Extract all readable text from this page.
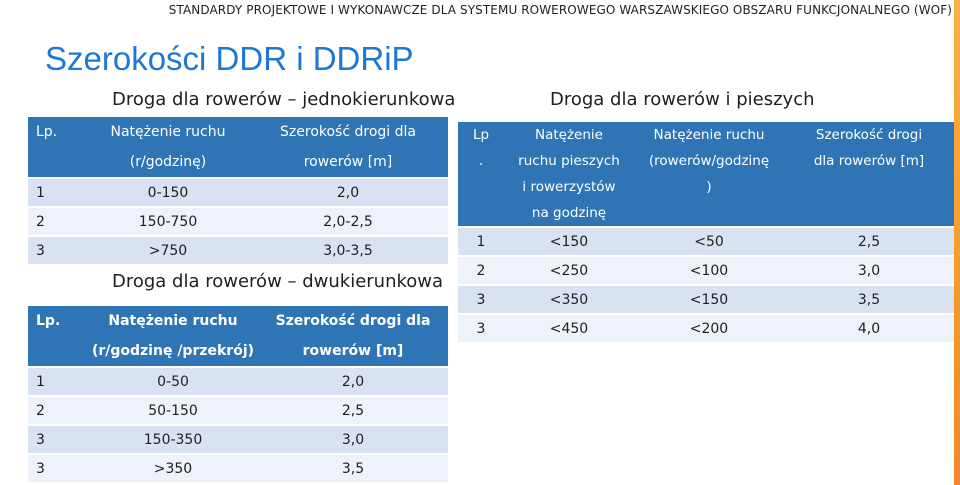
STANDARDY PROJEKTOWE I WYKONAWCZE DLA SYSTEMU ROWEROWEGO WARSZAWSKIEGO OBSZARU FUNKCJONALNEGO (WOF)
Szerokości DDR i DDRiP
Droga dla rowerów – jednokierunkowa
Lp.	Natężenie ruchu	Szerokość drogi dla
	(r/godzinę)	rowerów [m]
1	0-150	2,0
2	150-750	2,0-2,5
3	>750	3,0-3,5
Droga dla rowerów – dwukierunkowa
Lp.	Natężenie ruchu	Szerokość drogi dla
	(r/godzinę /przekrój)	rowerów [m]
1	0-50	2,0
2	50-150	2,5
3	150-350	3,0
3	>350	3,5
Droga dla rowerów i pieszych
Lp	Natężenie	Natężenie ruchu	Szerokość drogi
.	ruchu pieszych	(rowerów/godzinę	dla rowerów [m]
	i rowerzystów	)	
	na godzinę		
1	<150	<50	2,5
2	<250	<100	3,0
3	<350	<150	3,5
3	<450	<200	4,0
